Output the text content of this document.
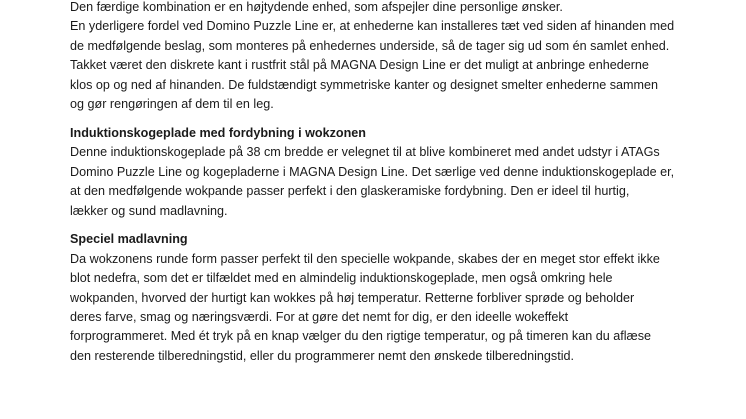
Den færdige kombination er en højtydende enhed, som afspejler dine personlige ønsker.
En yderligere fordel ved Domino Puzzle Line er, at enhederne kan installeres tæt ved siden af hinanden med
de medfølgende beslag, som monteres på enhedernes underside, så de tager sig ud som én samlet enhed.
Takket været den diskrete kant i rustfrit stål på MAGNA Design Line er det muligt at anbringe enhederne
klos op og ned af hinanden. De fuldstændigt symmetriske kanter og designet smelter enhederne sammen
og gør rengøringen af dem til en leg.
Induktionskogeplade med fordybning i wokzonen
Denne induktionskogeplade på 38 cm bredde er velegnet til at blive kombineret med andet udstyr i ATAGs
Domino Puzzle Line og kogepladerne i MAGNA Design Line. Det særlige ved denne induktionskogeplade er,
at den medfølgende wokpande passer perfekt i den glaskeramiske fordybning. Den er ideel til hurtig,
lækker og sund madlavning.
Speciel madlavning
Da wokzonens runde form passer perfekt til den specielle wokpande, skabes der en meget stor effekt ikke
blot nedefra, som det er tilfældet med en almindelig induktionskogeplade, men også omkring hele
wokpanden, hvorved der hurtigt kan wokkes på høj temperatur. Retterne forbliver sprøde og beholder
deres farve, smag og næringsværdi. For at gøre det nemt for dig, er den ideelle wokeffekt
forprogrammeret. Med ét tryk på en knap vælger du den rigtige temperatur, og på timeren kan du aflæse
den resterende tilberedningstid, eller du programmerer nemt den ønskede tilberedningstid.
